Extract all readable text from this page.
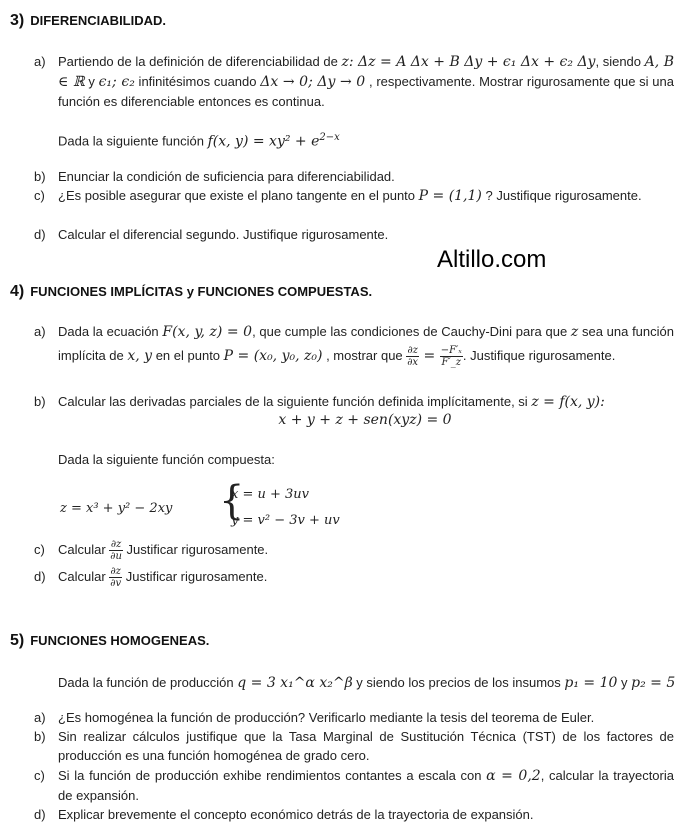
3) DIFERENCIABILIDAD.
a) Partiendo de la definición de diferenciabilidad de z: Δz = A Δx + B Δy + ϵ₁ Δx + ϵ₂ Δy, siendo A, B ∈ ℝ y ϵ₁; ϵ₂ infinitésimos cuando Δx → 0; Δy → 0 , respectivamente. Mostrar rigurosamente que si una función es diferenciable entonces es continua.
Dada la siguiente función f(x, $y) = xy^2 + e^{2-x}$
b) Enunciar la condición de suficiencia para diferenciabilidad.
c) ¿Es posible asegurar que existe el plano tangente en el punto P = (1,1) ? Justifique rigurosamente.
d) Calcular el diferencial segundo. Justifique rigurosamente.
Altillo.com
4) FUNCIONES IMPLÍCITAS y FUNCIONES COMPUESTAS.
a) Dada la ecuación F(x, y, z) = 0, que cumple las condiciones de Cauchy-Dini para que z sea una función implícita de x, y en el punto P = (x₀, y₀, z₀) , mostrar que $\frac{\partial z}{\partial x} = \frac{\text{−F′ₓ}}{F'\_z}$ . Justifique rigurosamente.
b) Calcular las derivadas parciales de la siguiente función definida implícitamente, si z = f(x, y):
x + y + z + sen(xyz) = 0
Dada la siguiente función compuesta:
z = x³ + y² − 2xy {
x = u + 3uv
y = v² − 3v + uv
c) Calcular $\frac{\partial z}{\partial u}$ Justificar rigurosamente.
d) Calcular $\frac{\partial z}{\partial v}$ Justificar rigurosamente.
5) FUNCIONES HOMOGENEAS.
Dada la función de producción q = 3 x₁^α x₂^β y siendo los precios de los insumos p₁ = 10 y p₂ = 5
a) ¿Es homogénea la función de producción? Verificarlo mediante la tesis del teorema de Euler.
b) Sin realizar cálculos justifique que la Tasa Marginal de Sustitución Técnica (TST) de los factores de producción es una función homogénea de grado cero.
c) Si la función de producción exhibe rendimientos contantes a escala con α = 0,2, calcular la trayectoria de expansión.
d) Explicar brevemente el concepto económico detrás de la trayectoria de expansión.
